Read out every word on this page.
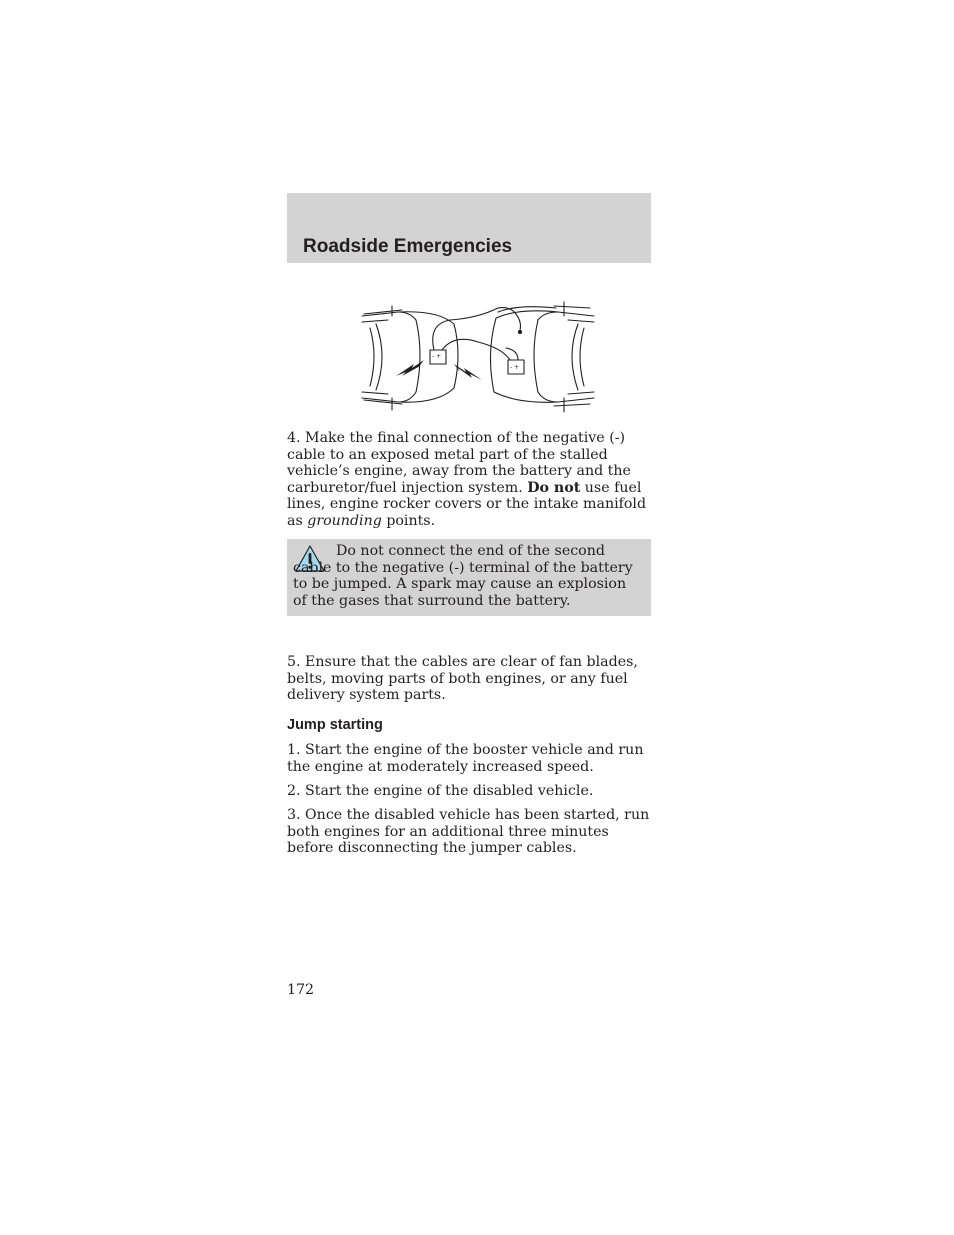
Roadside Emergencies
- +
- +

4. Make the final connection of the negative (-) cable to an exposed metal part of the stalled vehicle’s engine, away from the battery and the carburetor/fuel injection system. Do not use fuel lines, engine rocker covers or the intake manifold as grounding points.

Do not connect the end of the second cable to the negative (-) terminal of the battery to be jumped. A spark may cause an explosion of the gases that surround the battery.

5. Ensure that the cables are clear of fan blades, belts, moving parts of both engines, or any fuel delivery system parts.

Jump starting

1. Start the engine of the booster vehicle and run the engine at moderately increased speed.

2. Start the engine of the disabled vehicle.

3. Once the disabled vehicle has been started, run both engines for an additional three minutes before disconnecting the jumper cables.

172
